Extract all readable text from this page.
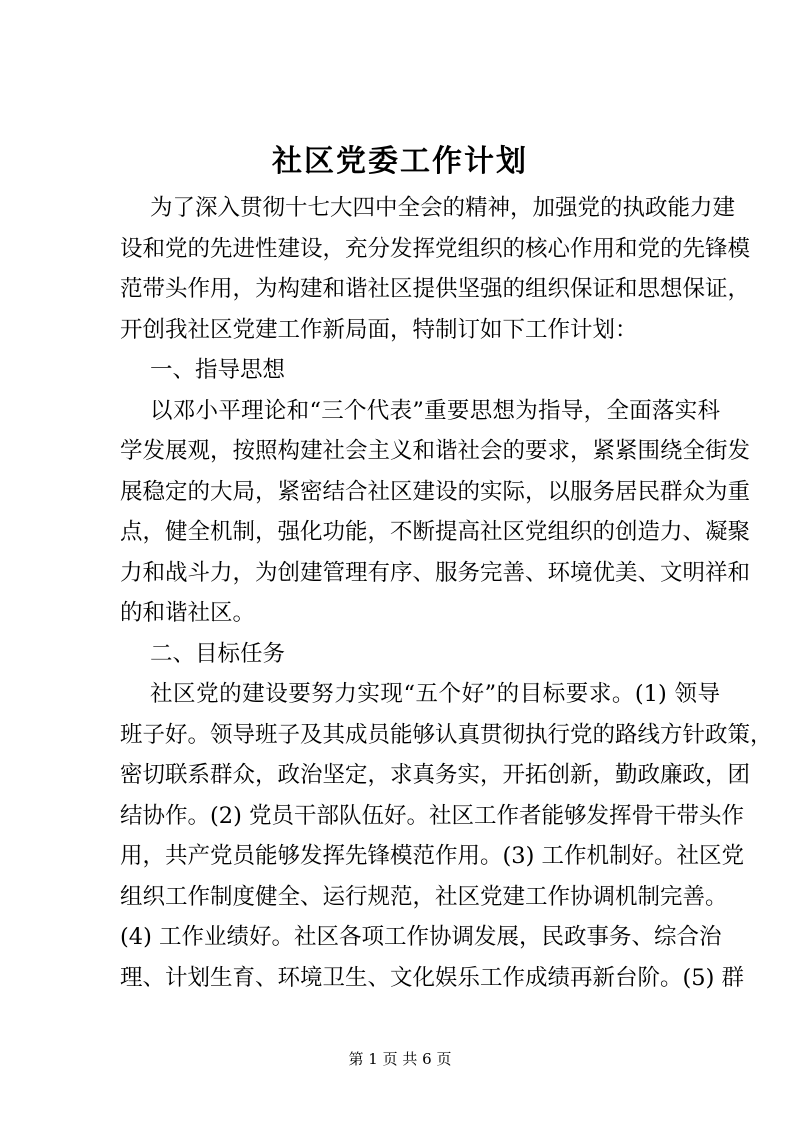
社区党委工作计划
为了深入贯彻十七大四中全会的精神，加强党的执政能力建
设和党的先进性建设，充分发挥党组织的核心作用和党的先锋模
范带头作用，为构建和谐社区提供坚强的组织保证和思想保证，
开创我社区党建工作新局面，特制订如下工作计划：
一、指导思想
以邓小平理论和“三个代表”重要思想为指导，全面落实科
学发展观，按照构建社会主义和谐社会的要求，紧紧围绕全街发
展稳定的大局，紧密结合社区建设的实际，以服务居民群众为重
点，健全机制，强化功能，不断提高社区党组织的创造力、凝聚
力和战斗力，为创建管理有序、服务完善、环境优美、文明祥和
的和谐社区。
二、目标任务
社区党的建设要努力实现“五个好”的目标要求。(1) 领导
班子好。领导班子及其成员能够认真贯彻执行党的路线方针政策，
密切联系群众，政治坚定，求真务实，开拓创新，勤政廉政，团
结协作。(2) 党员干部队伍好。社区工作者能够发挥骨干带头作
用，共产党员能够发挥先锋模范作用。(3) 工作机制好。社区党
组织工作制度健全、运行规范，社区党建工作协调机制完善。
(4) 工作业绩好。社区各项工作协调发展，民政事务、综合治
理、计划生育、环境卫生、文化娱乐工作成绩再新台阶。(5) 群
第 1 页 共 6 页
